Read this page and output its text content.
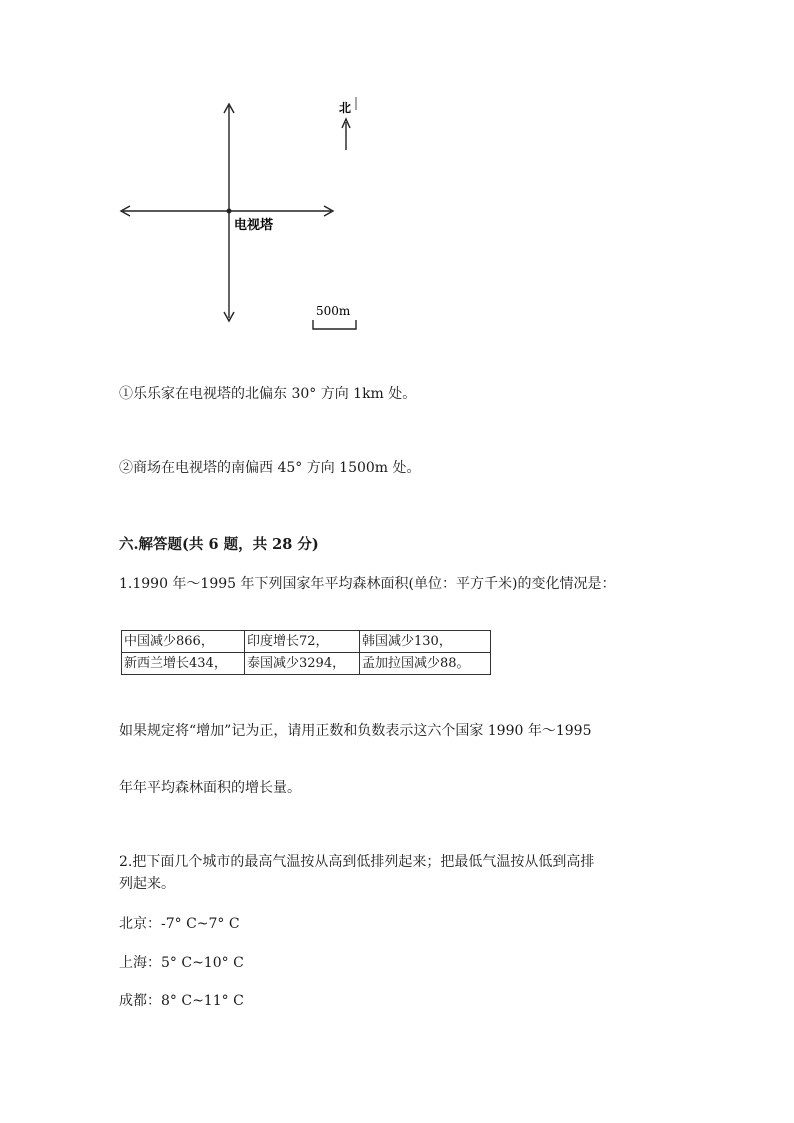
电视塔
北
500m
①乐乐家在电视塔的北偏东 30° 方向 1km 处。
②商场在电视塔的南偏西 45° 方向 1500m 处。
六.解答题(共 6 题，共 28 分)
1.1990 年～1995 年下列国家年平均森林面积(单位：平方千米)的变化情况是：
中国减少866，	印度增长72，	韩国减少130，
新西兰增长434，	泰国减少3294，	孟加拉国减少88。
如果规定将“增加”记为正，请用正数和负数表示这六个国家 1990 年～1995
年年平均森林面积的增长量。
2.把下面几个城市的最高气温按从高到低排列起来；把最低气温按从低到高排
列起来。
北京：-7° C~7° C
上海：5° C~10° C
成都：8° C~11° C
